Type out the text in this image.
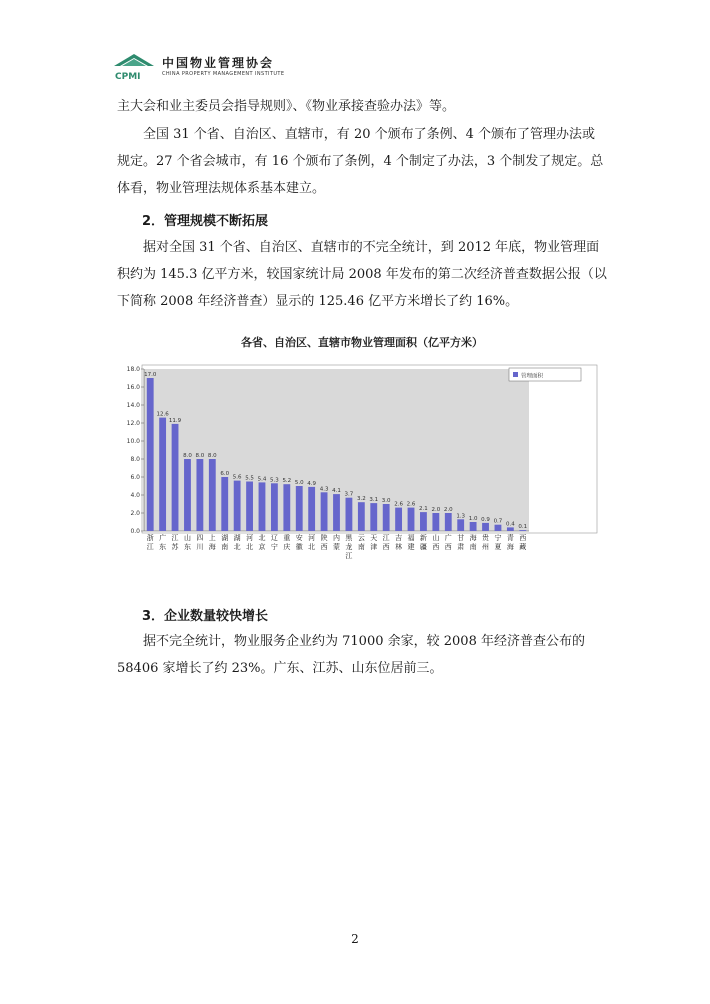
CPMI
中国物业管理协会
CHINA PROPERTY MANAGEMENT INSTITUTE

主大会和业主委员会指导规则》、《物业承接查验办法》等。

全国 31 个省、自治区、直辖市，有 20 个颁布了条例、4 个颁布了管理办法或规定。27 个省会城市，有 16 个颁布了条例，4 个制定了办法，3 个制发了规定。总体看，物业管理法规体系基本建立。

2．管理规模不断拓展

据对全国 31 个省、自治区、直辖市的不完全统计，到 2012 年底，物业管理面积约为 145.3 亿平方米，较国家统计局 2008 年发布的第二次经济普查数据公报（以下简称 2008 年经济普查）显示的 125.46 亿平方米增长了约 16%。

各省、自治区、直辖市物业管理面积（亿平方米）

0.0
2.0
4.0
6.0
8.0
10.0
12.0
14.0
16.0
18.0
17.0
浙
江
12.6
广
东
11.9
江
苏
8.0
山
东
8.0
四
川
8.0
上
海
6.0
湖
南
5.6
湖
北
5.5
河
北
5.4
北
京
5.3
辽
宁
5.2
重
庆
5.0
安
徽
4.9
河
北
4.3
陕
西
4.1
内
蒙
3.7
黑
龙
江
3.2
云
南
3.1
天
津
3.0
江
西
2.6
吉
林
2.6
福
建
2.1
新
疆
2.0
山
西
2.0
广
西
1.3
甘
肃
1.0
海
南
0.9
贵
州
0.7
宁
夏
0.4
青
海
0.1
西
藏
管理面积

3．企业数量较快增长

据不完全统计，物业服务企业约为 71000 余家，较 2008 年经济普查公布的 58406 家增长了约 23%。广东、江苏、山东位居前三。

2
